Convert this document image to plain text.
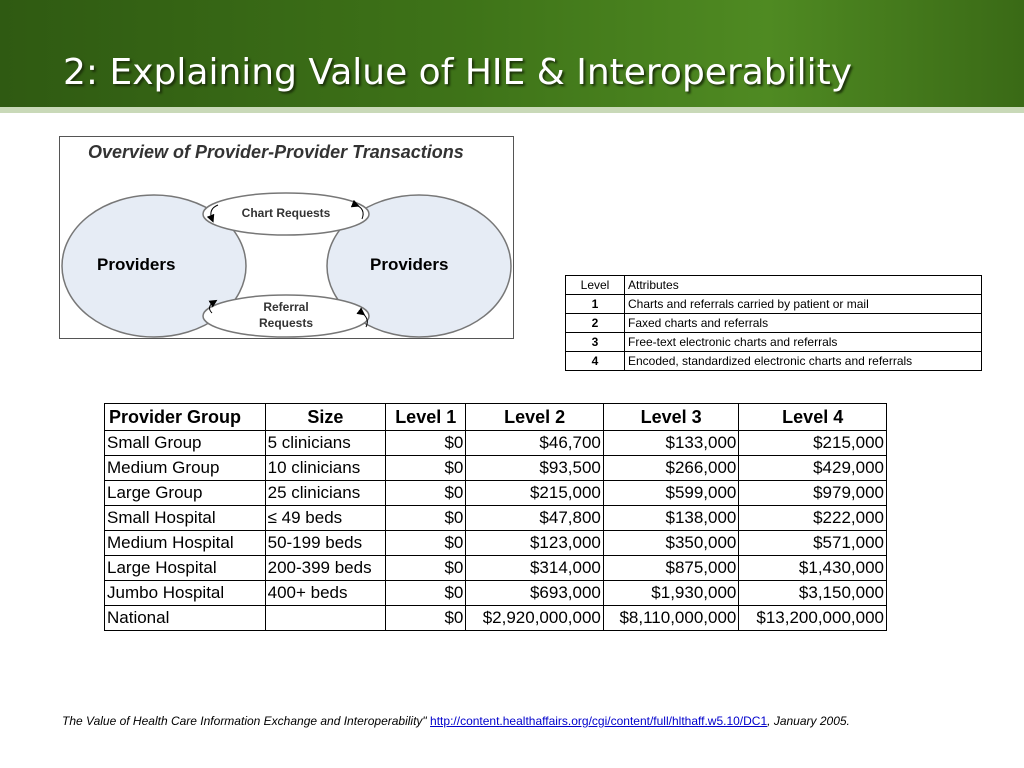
2: Explaining Value of HIE & Interoperability
Overview of Provider-Provider Transactions
Providers	Providers
Chart Requests
Referral
Requests
Level	Attributes
1	Charts and referrals carried by patient or mail
2	Faxed charts and referrals
3	Free-text electronic charts and referrals
4	Encoded, standardized electronic charts and referrals
Provider Group	Size	Level 1	Level 2	Level 3	Level 4
Small Group	5 clinicians	$0	$46,700	$133,000	$215,000
Medium Group	10 clinicians	$0	$93,500	$266,000	$429,000
Large Group	25 clinicians	$0	$215,000	$599,000	$979,000
Small Hospital	≤ 49 beds	$0	$47,800	$138,000	$222,000
Medium Hospital	50-199 beds	$0	$123,000	$350,000	$571,000
Large Hospital	200-399 beds	$0	$314,000	$875,000	$1,430,000
Jumbo Hospital	400+ beds	$0	$693,000	$1,930,000	$3,150,000
National		$0	$2,920,000,000	$8,110,000,000	$13,200,000,000
The Value of Health Care Information Exchange and Interoperability" http://content.healthaffairs.org/cgi/content/full/hlthaff.w5.10/DC1, January 2005.
